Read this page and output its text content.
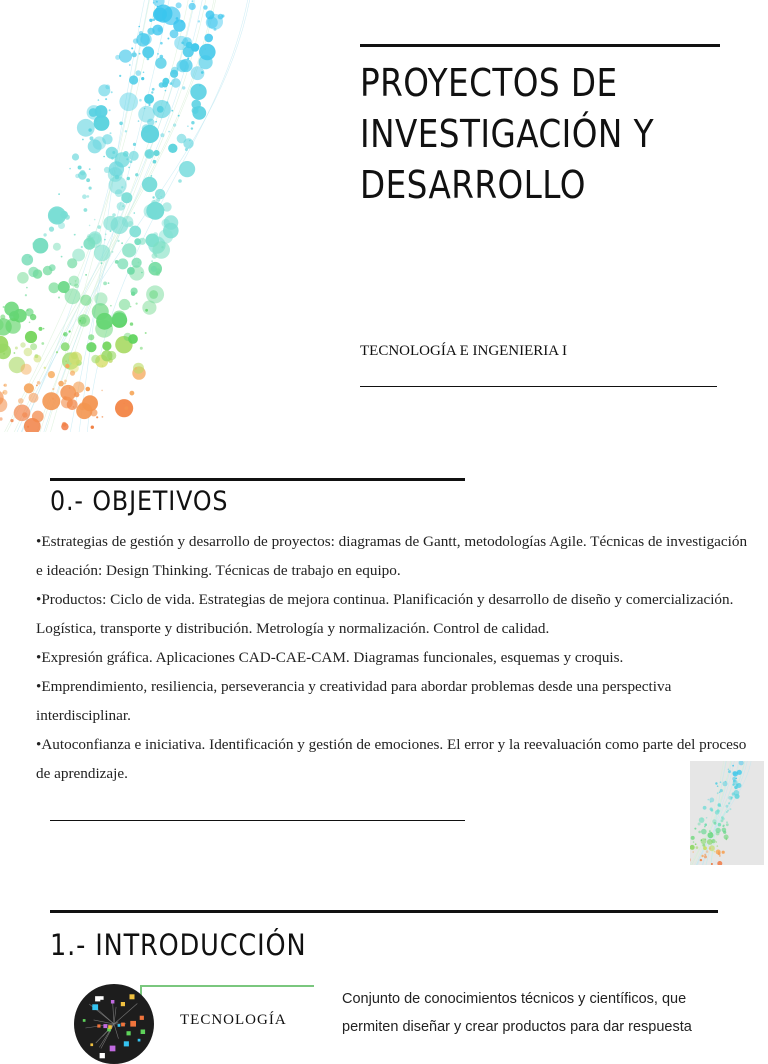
PROYECTOS DE
INVESTIGACIÓN Y
DESARROLLO

TECNOLOGÍA E INGENIERIA I

0.- OBJETIVOS
•Estrategias de gestión y desarrollo de proyectos: diagramas de Gantt, metodologías Agile. Técnicas de investigación e ideación: Design Thinking. Técnicas de trabajo en equipo.
•Productos: Ciclo de vida. Estrategias de mejora continua. Planificación y desarrollo de diseño y comercialización. Logística, transporte y distribución. Metrología y normalización. Control de calidad.
•Expresión gráfica. Aplicaciones CAD-CAE-CAM. Diagramas funcionales, esquemas y croquis.
•Emprendimiento, resiliencia, perseverancia y creatividad para abordar problemas desde una perspectiva interdisciplinar.
•Autoconfianza e iniciativa. Identificación y gestión de emociones. El error y la reevaluación como parte del proceso de aprendizaje.
1.- INTRODUCCIÓN

TECNOLOGÍA

Conjunto de conocimientos técnicos y científicos, que permiten diseñar y crear productos para dar respuesta
